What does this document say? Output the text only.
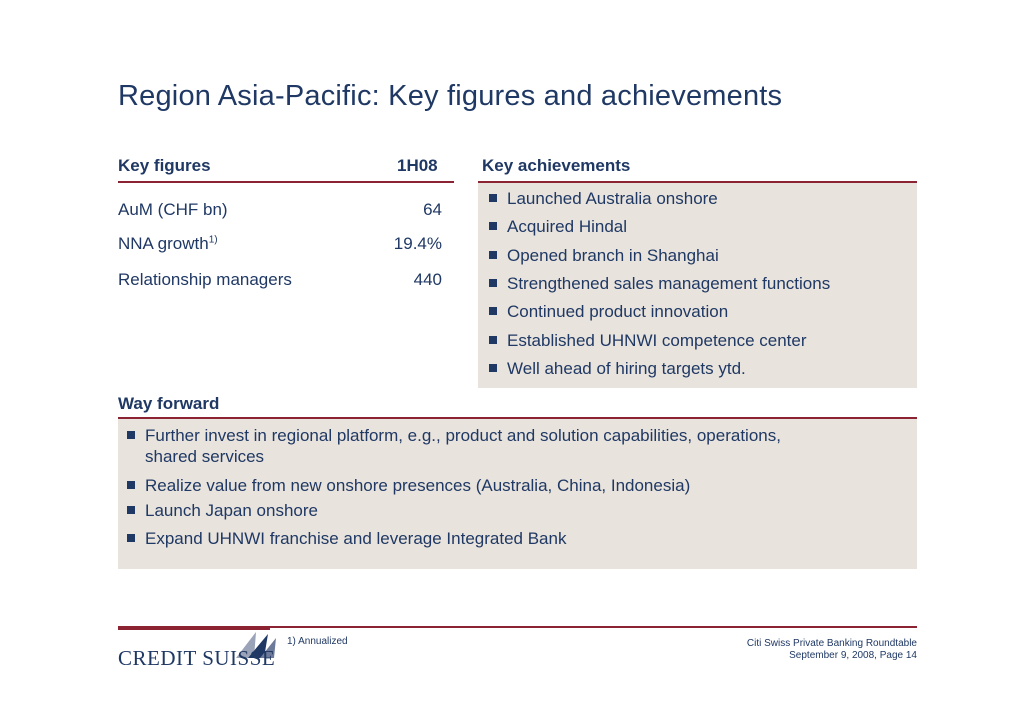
Region Asia-Pacific: Key figures and achievements
Key figures	1H08
AuM (CHF bn)	64
NNA growth$^{1)}$	19.4%
Relationship managers	440
Key achievements
Launched Australia onshore
Acquired Hindal
Opened branch in Shanghai
Strengthened sales management functions
Continued product innovation
Established UHNWI competence center
Well ahead of hiring targets ytd.
Way forward
Further invest in regional platform, e.g., product and solution capabilities, operations,
shared services
Realize value from new onshore presences (Australia, China, Indonesia)
Launch Japan onshore
Expand UHNWI franchise and leverage Integrated Bank
CREDIT SUISSE
1) Annualized	Citi Swiss Private Banking Roundtable
September 9, 2008, Page 14
